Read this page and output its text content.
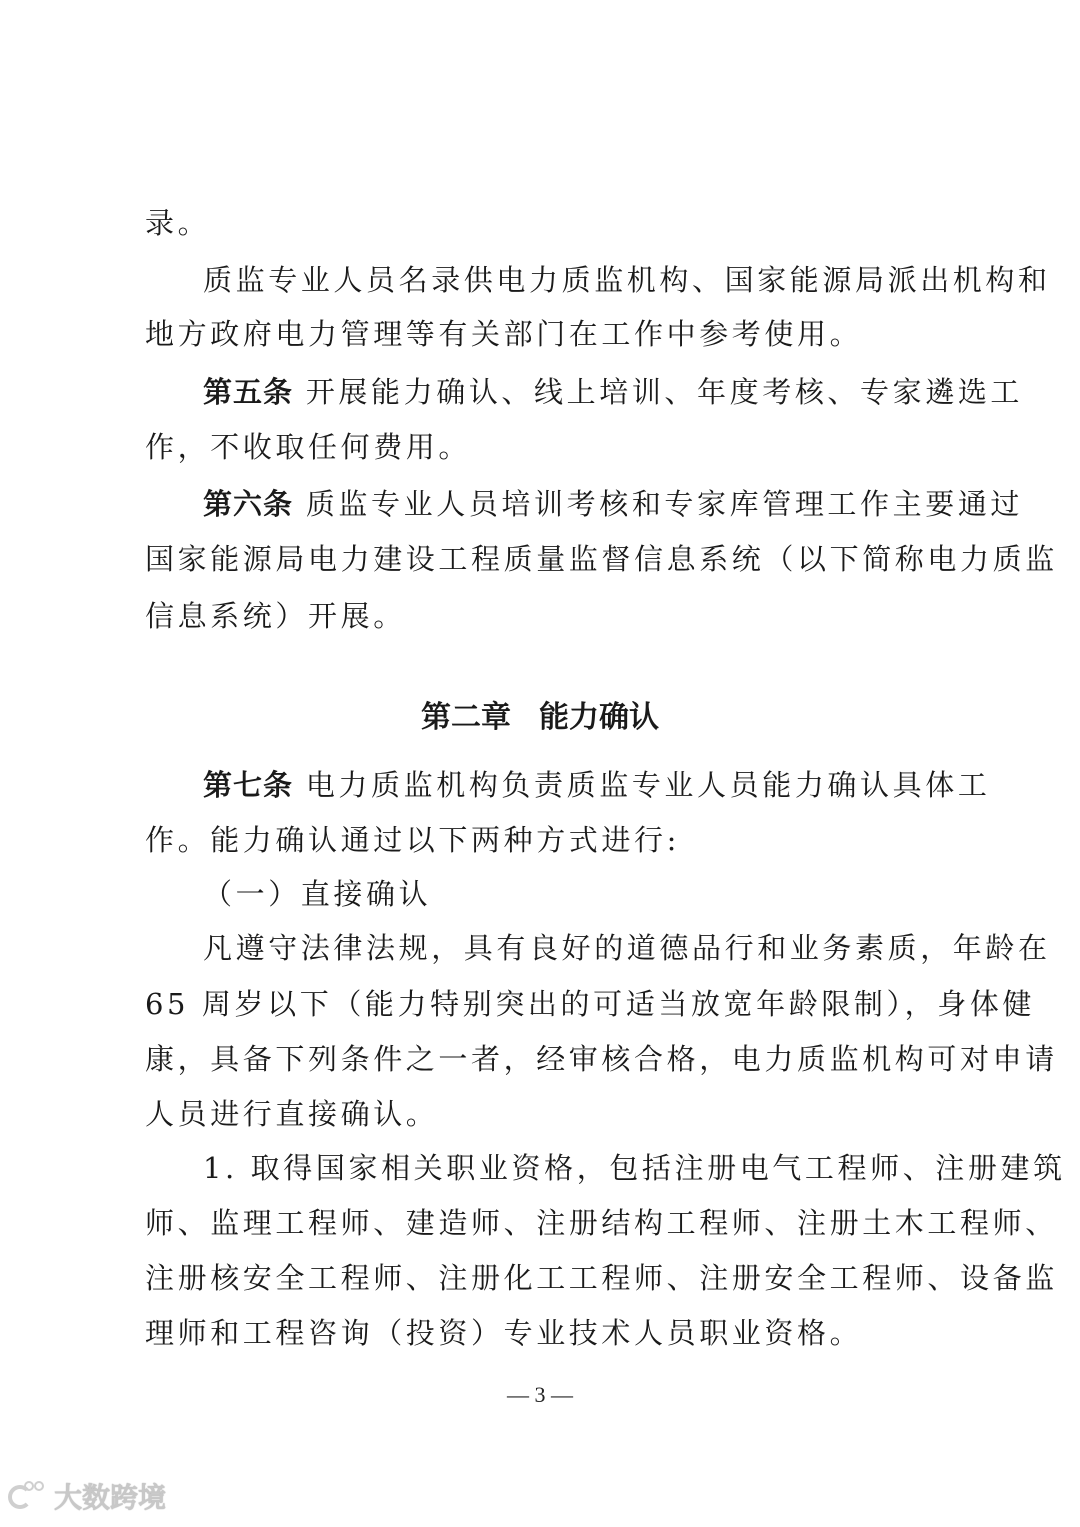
录。
质监专业人员名录供电力质监机构、国家能源局派出机构和
地方政府电力管理等有关部门在工作中参考使用。
第五条 开展能力确认、线上培训、年度考核、专家遴选工
作，不收取任何费用。
第六条 质监专业人员培训考核和专家库管理工作主要通过
国家能源局电力建设工程质量监督信息系统（以下简称电力质监
信息系统）开展。
第二章 能力确认
第七条 电力质监机构负责质监专业人员能力确认具体工
作。能力确认通过以下两种方式进行:
（一）直接确认
凡遵守法律法规，具有良好的道德品行和业务素质，年龄在
65 周岁以下（能力特别突出的可适当放宽年龄限制），身体健
康，具备下列条件之一者，经审核合格，电力质监机构可对申请
人员进行直接确认。
1. 取得国家相关职业资格，包括注册电气工程师、注册建筑
师、监理工程师、建造师、注册结构工程师、注册土木工程师、
注册核安全工程师、注册化工工程师、注册安全工程师、设备监
理师和工程咨询（投资）专业技术人员职业资格。
— 3 —
大数跨境
